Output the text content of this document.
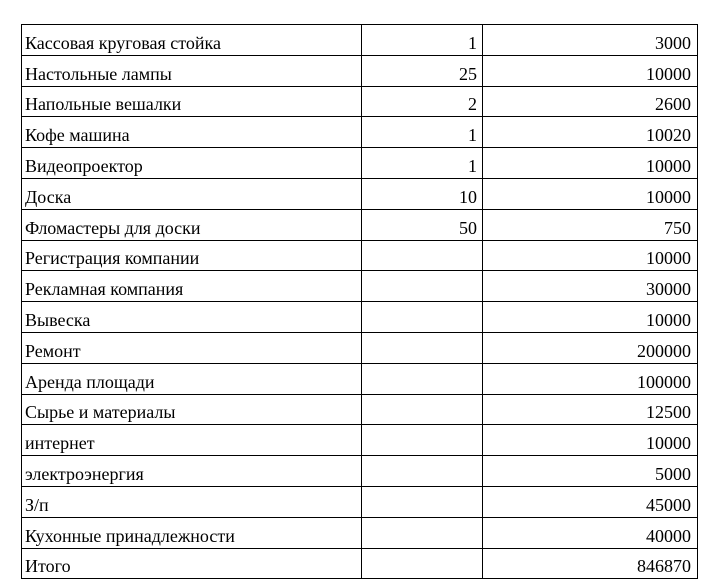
Кассовая круговая стойка	1	3000
Настольные лампы	25	10000
Напольные вешалки	2	2600
Кофе машина	1	10020
Видеопроектор	1	10000
Доска	10	10000
Фломастеры для доски	50	750
Регистрация компании		10000
Рекламная компания		30000
Вывеска		10000
Ремонт		200000
Аренда площади		100000
Сырье и материалы		12500
интернет		10000
электроэнергия		5000
З/п		45000
Кухонные принадлежности		40000
Итого		846870
